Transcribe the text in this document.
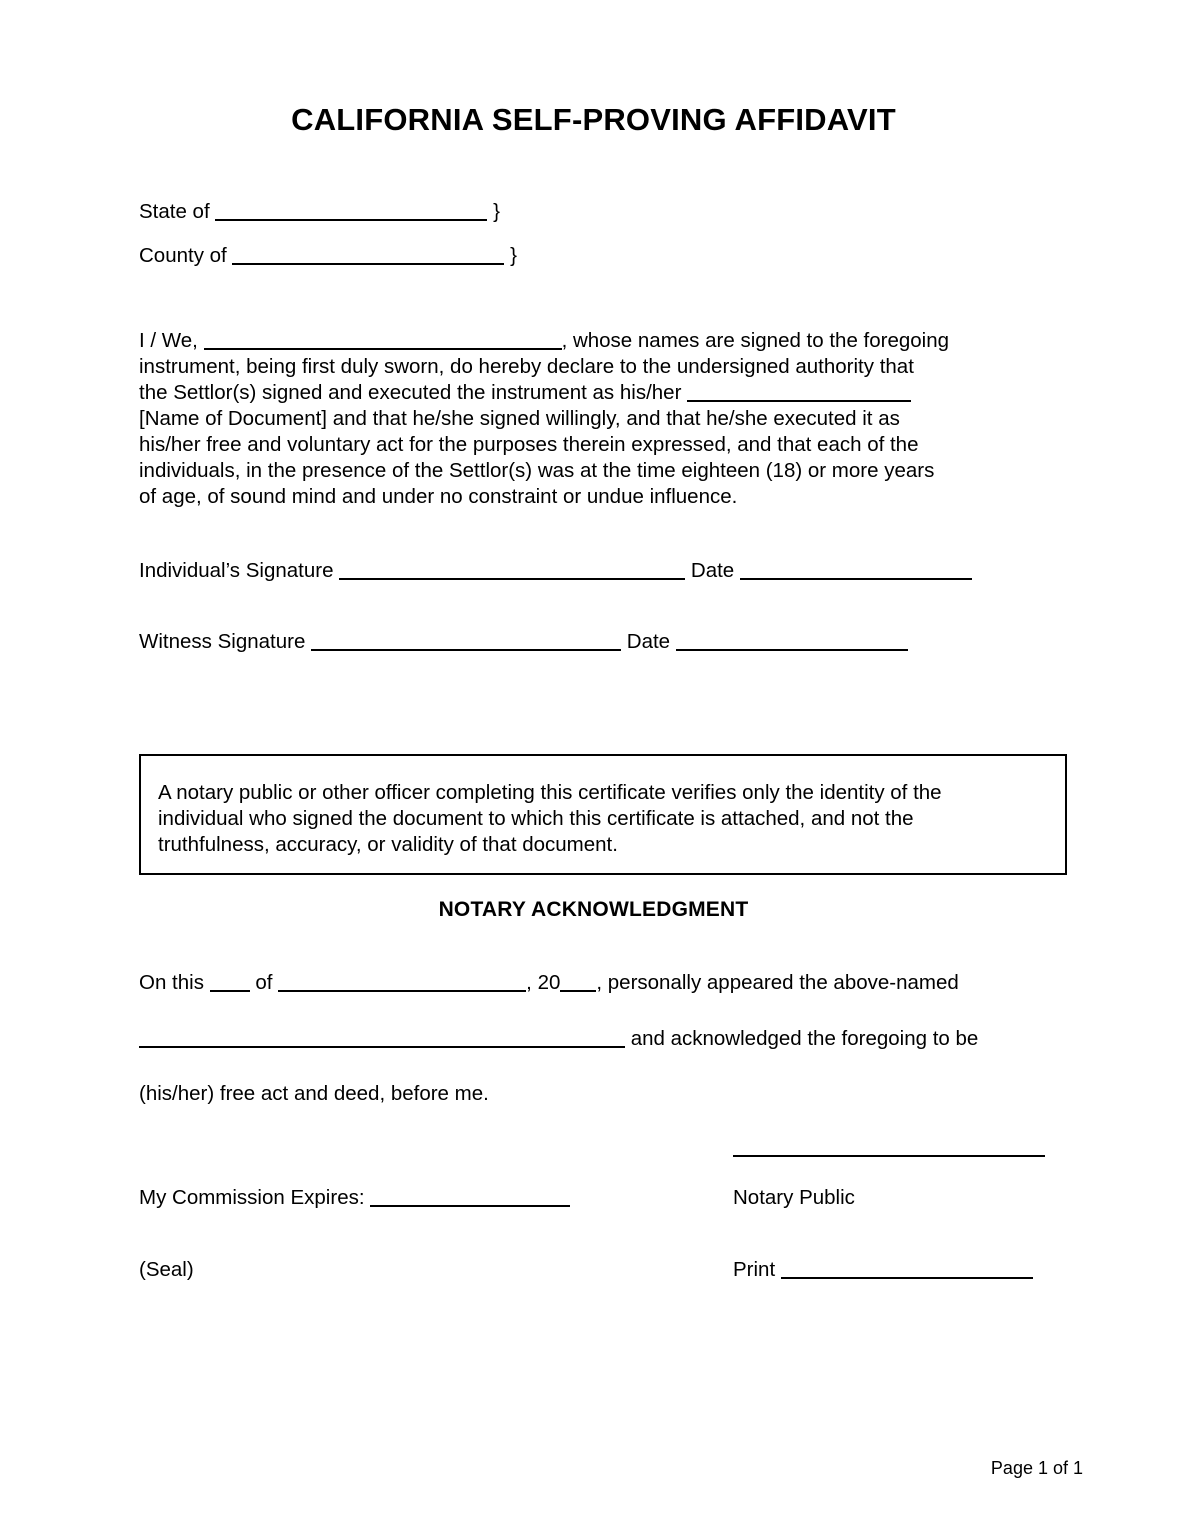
CALIFORNIA SELF-PROVING AFFIDAVIT
State of	}
County of	}
I / We,	, whose names are signed to the foregoing
instrument, being first duly sworn, do hereby declare to the undersigned authority that
the Settlor(s) signed and executed the instrument as his/her
[Name of Document] and that he/she signed willingly, and that he/she executed it as
his/her free and voluntary act for the purposes therein expressed, and that each of the
individuals, in the presence of the Settlor(s) was at the time eighteen (18) or more years
of age, of sound mind and under no constraint or undue influence.
Individual’s Signature	Date
Witness Signature	Date
A notary public or other officer completing this certificate verifies only the identity of the
individual who signed the document to which this certificate is attached, and not the
truthfulness, accuracy, or validity of that document.
NOTARY ACKNOWLEDGMENT
On this	of	, 20 , personally appeared the above-named
and acknowledged the foregoing to be
(his/her) free act and deed, before me.
My Commission Expires:	Notary Public
(Seal)	Print
Page 1 of 1
